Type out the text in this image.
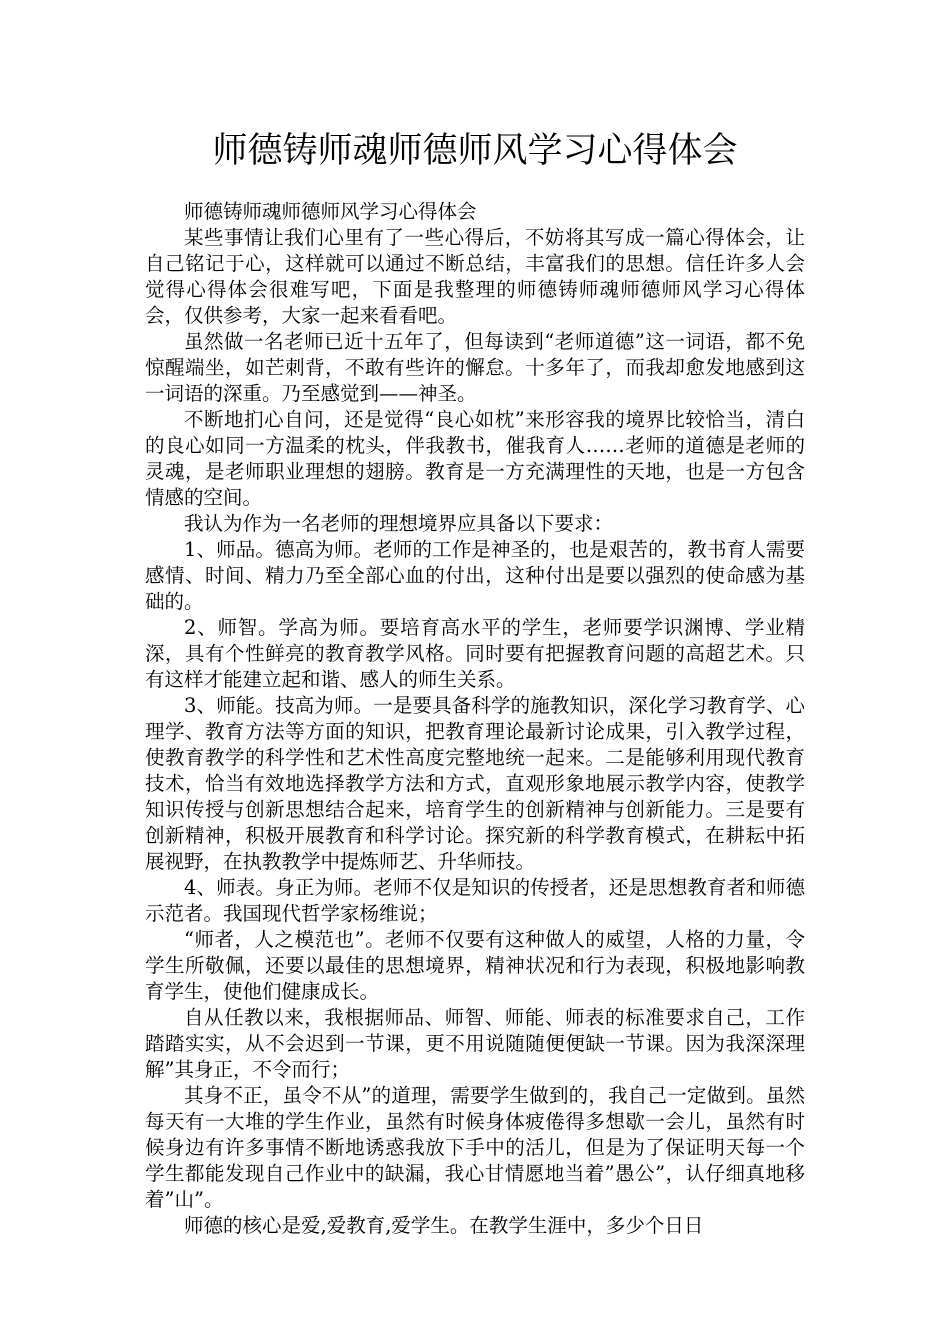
师德铸师魂师德师风学习心得体会

师德铸师魂师德师风学习心得体会

某些事情让我们心里有了一些心得后，不妨将其写成一篇心得体会，让自己铭记于心，这样就可以通过不断总结，丰富我们的思想。信任许多人会觉得心得体会很难写吧，下面是我整理的师德铸师魂师德师风学习心得体会，仅供参考，大家一起来看看吧。

虽然做一名老师已近十五年了，但每读到“老师道德”这一词语，都不免惊醒端坐，如芒刺背，不敢有些许的懈怠。十多年了，而我却愈发地感到这一词语的深重。乃至感觉到——神圣。

不断地扪心自问，还是觉得“良心如枕”来形容我的境界比较恰当，清白的良心如同一方温柔的枕头，伴我教书，催我育人……老师的道德是老师的灵魂，是老师职业理想的翅膀。教育是一方充满理性的天地，也是一方包含情感的空间。

我认为作为一名老师的理想境界应具备以下要求：

1、师品。德高为师。老师的工作是神圣的，也是艰苦的，教书育人需要感情、时间、精力乃至全部心血的付出，这种付出是要以强烈的使命感为基础的。

2、师智。学高为师。要培育高水平的学生，老师要学识渊博、学业精深，具有个性鲜亮的教育教学风格。同时要有把握教育问题的高超艺术。只有这样才能建立起和谐、感人的师生关系。

3、师能。技高为师。一是要具备科学的施教知识，深化学习教育学、心理学、教育方法等方面的知识，把教育理论最新讨论成果，引入教学过程，使教育教学的科学性和艺术性高度完整地统一起来。二是能够利用现代教育技术，恰当有效地选择教学方法和方式，直观形象地展示教学内容，使教学知识传授与创新思想结合起来，培育学生的创新精神与创新能力。三是要有创新精神，积极开展教育和科学讨论。探究新的科学教育模式，在耕耘中拓展视野，在执教教学中提炼师艺、升华师技。

4、师表。身正为师。老师不仅是知识的传授者，还是思想教育者和师德示范者。我国现代哲学家杨维说；

“师者，人之模范也”。老师不仅要有这种做人的威望，人格的力量，令学生所敬佩，还要以最佳的思想境界，精神状况和行为表现，积极地影响教育学生，使他们健康成长。

自从任教以来，我根据师品、师智、师能、师表的标准要求自己，工作踏踏实实，从不会迟到一节课，更不用说随随便便缺一节课。因为我深深理解”其身正，不令而行；

其身不正，虽令不从”的道理，需要学生做到的，我自己一定做到。虽然每天有一大堆的学生作业，虽然有时候身体疲倦得多想歇一会儿，虽然有时候身边有许多事情不断地诱惑我放下手中的活儿，但是为了保证明天每一个学生都能发现自己作业中的缺漏，我心甘情愿地当着”愚公”，认仔细真地移着”山”。

师德的核心是爱,爱教育,爱学生。在教学生涯中，多少个日日
